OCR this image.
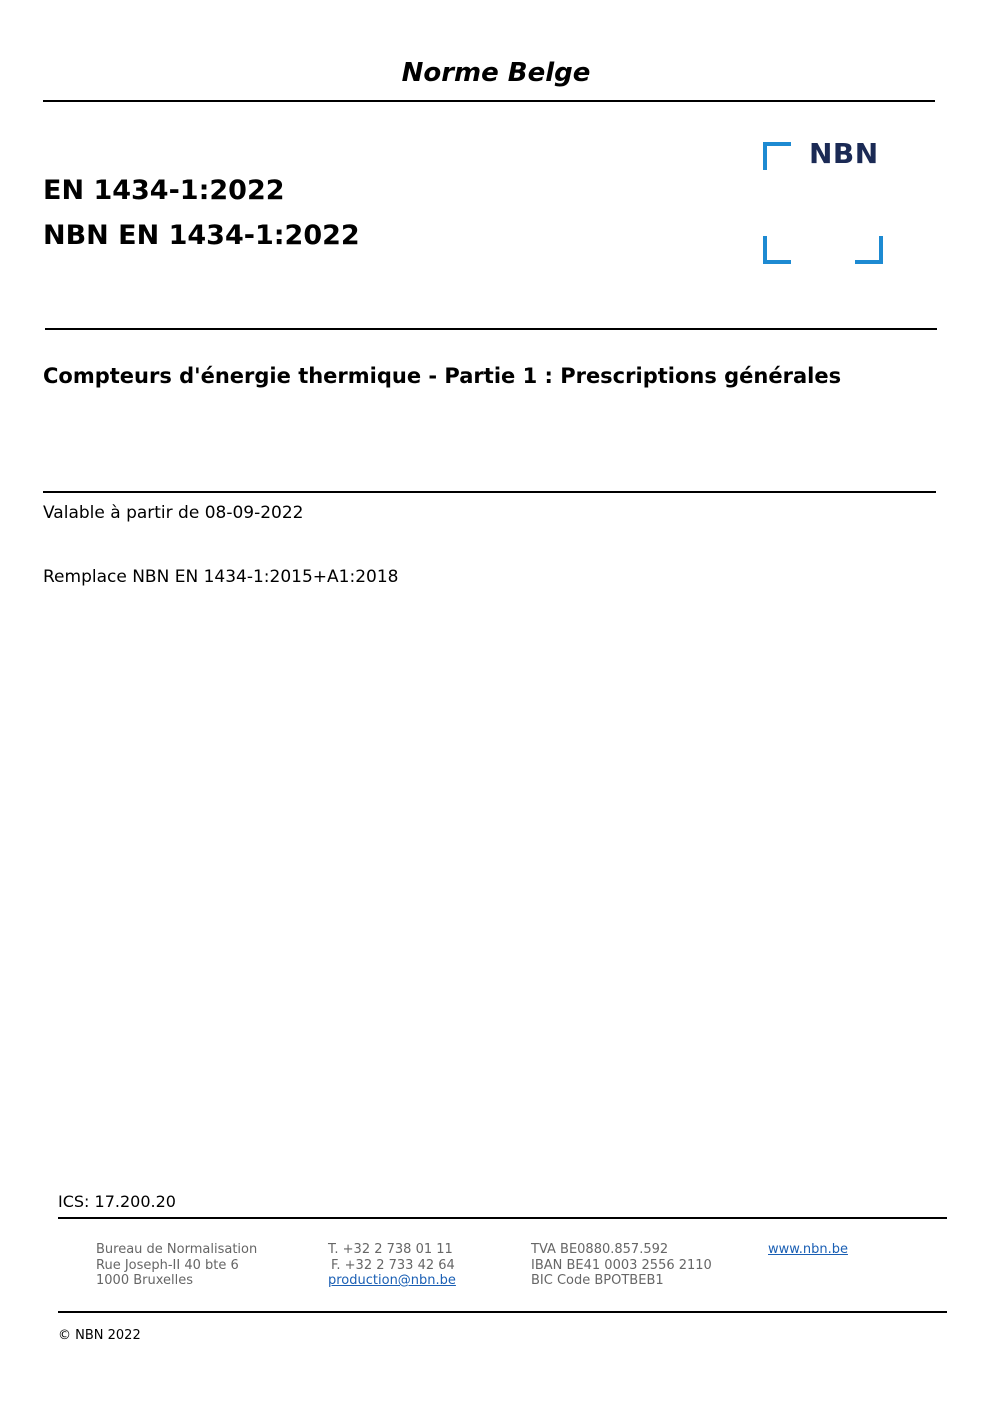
Norme Belge
EN 1434-1:2022
NBN EN 1434-1:2022
NBN
Compteurs d'énergie thermique - Partie 1 : Prescriptions générales
Valable à partir de 08-09-2022
Remplace NBN EN 1434-1:2015+A1:2018
ICS: 17.200.20
Bureau de Normalisation
Rue Joseph-II 40 bte 6
1000 Bruxelles
T. +32 2 738 01 11
F. +32 2 733 42 64
production@nbn.be
TVA BE0880.857.592
IBAN BE41 0003 2556 2110
BIC Code BPOTBEB1
www.nbn.be
© NBN 2022
